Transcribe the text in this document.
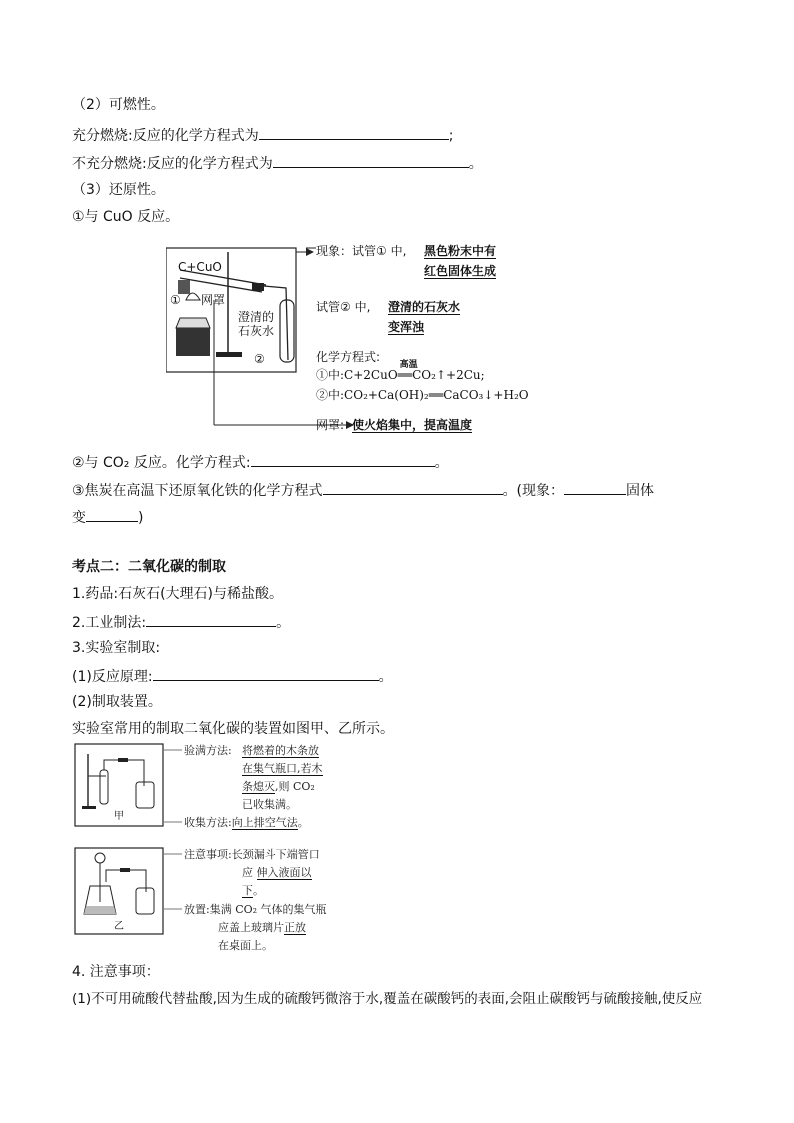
（2）可燃性。
充分燃烧:反应的化学方程式为	;
不充分燃烧:反应的化学方程式为	。
（3）还原性。
①与 CuO 反应。
C+CuO
① 网罩
澄清的
石灰水
②
现象：试管① 中, 黑色粉末中有
红色固体生成
试管② 中, 澄清的石灰水
变浑浊
化学方程式:
①中:C+2CuO
高温
══CO₂↑+2Cu;
②中:CO₂+Ca(OH)₂══CaCO₃↓+H₂O
网罩: 使火焰集中，提高温度
②与 CO₂ 反应。化学方程式:	。
③焦炭在高温下还原氧化铁的化学方程式	。(现象：	固体
变	)
考点二：二氧化碳的制取
1.药品:石灰石(大理石)与稀盐酸。
2.工业制法:	。
3.实验室制取:
(1)反应原理:	。
(2)制取装置。
实验室常用的制取二氧化碳的装置如图甲、乙所示。
甲
验满方法: 将燃着的木条放
在集气瓶口,若木
条熄灭,则 CO₂
已收集满。
收集方法:向上排空气法。
乙
注意事项:长颈漏斗下端管口
应 伸入液面以
下。
放置:集满 CO₂ 气体的集气瓶
应盖上玻璃片正放
在桌面上。
4. 注意事项：
(1)不可用硫酸代替盐酸,因为生成的硫酸钙微溶于水,覆盖在碳酸钙的表面,会阻止碳酸钙与硫酸接触,使反应
